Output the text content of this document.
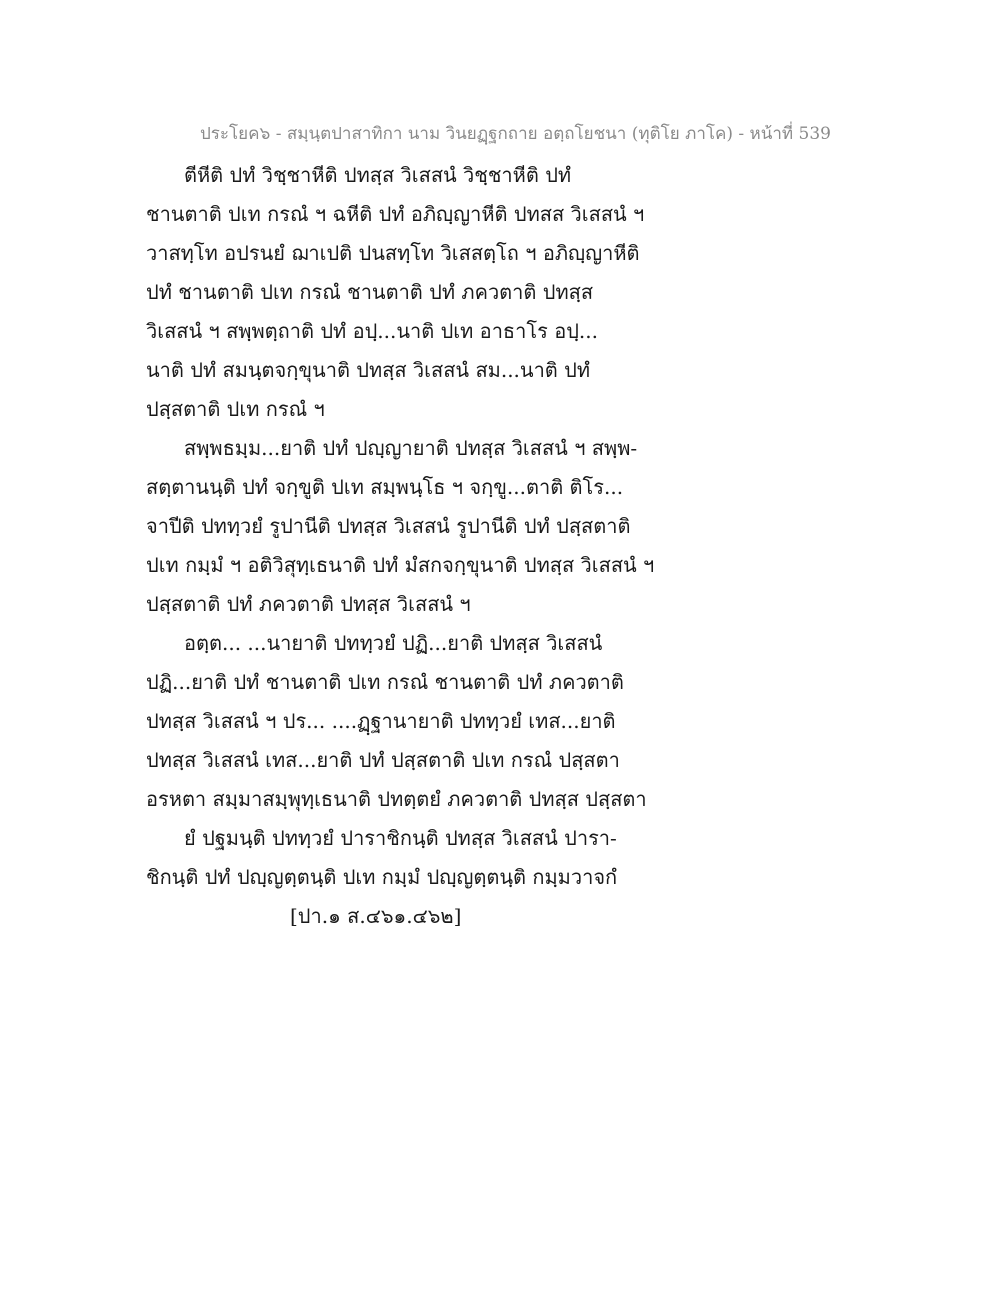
ประโยค๖ - สมฺนฺตปาสาทิกา นาม วินยฏฺฐกถาย อตฺถโยชนา (ทุติโย ภาโค) - หน้าที่ 539
ตีหีติ ปทํ วิชฺชาหีติ ปทสฺส วิเสสนํ วิชฺชาหีติ ปทํ
ชานตาติ ปเท กรณํ ฯ ฉหีติ ปทํ อภิญฺญาหีติ ปทสส วิเสสนํ ฯ
วาสทฺโท อปรนยํ ฌาเปติ ปนสทฺโท วิเสสตฺโถ ฯ อภิญฺญาหีติ
ปทํ ชานตาติ ปเท กรณํ ชานตาติ ปทํ ภควตาติ ปทสฺส
วิเสสนํ ฯ สพฺพตฺถาติ ปทํ อปฺ...นาติ ปเท อาธาโร อปฺ...
นาติ ปทํ สมนฺตจกฺขุนาติ ปทสฺส วิเสสนํ สม...นาติ ปทํ
ปสฺสตาติ ปเท กรณํ ฯ
สพฺพธมฺม...ยาติ ปทํ ปญฺญายาติ ปทสฺส วิเสสนํ ฯ สพฺพ-
สตฺตานนฺติ ปทํ จกฺขูติ ปเท สมฺพนฺโธ ฯ จกฺขู...ตาติ ติโร...
จาปีติ ปททฺวยํ รูปานีติ ปทสฺส วิเสสนํ รูปานีติ ปทํ ปสฺสตาติ
ปเท กมฺมํ ฯ อติวิสุทฺเธนาติ ปทํ มํสกจกฺขุนาติ ปทสฺส วิเสสนํ ฯ
ปสฺสตาติ ปทํ ภควตาติ ปทสฺส วิเสสนํ ฯ
อตฺต... ...นายาติ ปททฺวยํ ปฏิ...ยาติ ปทสฺส วิเสสนํ
ปฏิ...ยาติ ปทํ ชานตาติ ปเท กรณํ ชานตาติ ปทํ ภควตาติ
ปทสฺส วิเสสนํ ฯ ปร... ....ฏฺฐานายาติ ปททฺวยํ เทส...ยาติ
ปทสฺส วิเสสนํ เทส...ยาติ ปทํ ปสฺสตาติ ปเท กรณํ ปสฺสตา
อรหตา สมฺมาสมฺพุทฺเธนาติ ปทตฺตยํ ภควตาติ ปทสฺส ปสฺสตา
ยํ ปฐมนฺติ ปททฺวยํ ปาราชิกนฺติ ปทสฺส วิเสสนํ ปารา-
ชิกนฺติ ปทํ ปญฺญตฺตนฺติ ปเท กมฺมํ ปญฺญตฺตนฺติ กมฺมวาจกํ
[ปา.๑ ส.๔๖๑.๔๖๒]
